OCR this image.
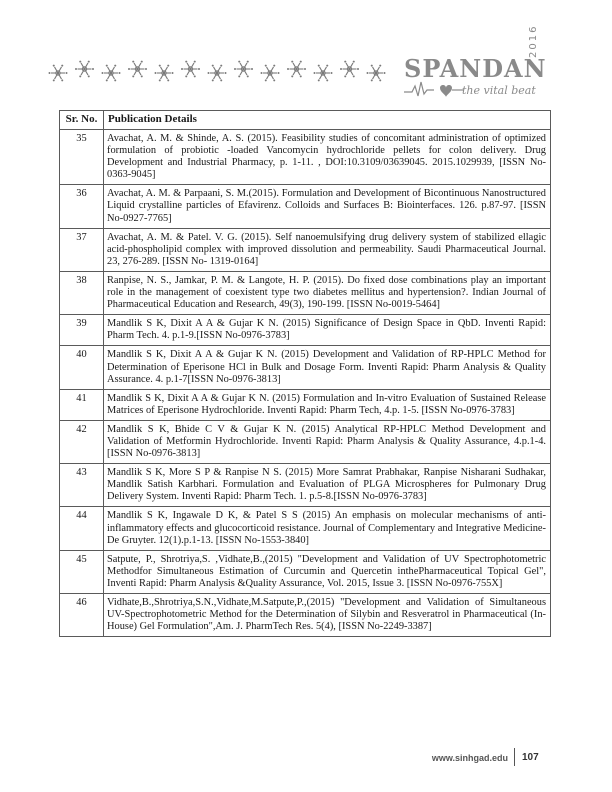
SPANDAN
2016
the vital beat
Sr. No.	Publication Details
35	Avachat, A. M. & Shinde, A. S. (2015). Feasibility studies of concomitant administration of optimized formulation of probiotic -loaded Vancomycin hydrochloride pellets for colon delivery. Drug Development and Industrial Pharmacy, p. 1-11. , DOI:10.3109/03639045. 2015.1029939, [ISSN No-0363-9045]
36	Avachat, A. M. & Parpaani, S. M.(2015). Formulation and Development of Bicontinuous Nanostructured Liquid crystalline particles of Efavirenz. Colloids and Surfaces B: Biointerfaces. 126. p.87-97. [ISSN No-0927-7765]
37	Avachat, A. M. & Patel. V. G. (2015). Self nanoemulsifying drug delivery system of stabilized ellagic acid-phospholipid complex with improved dissolution and permeability. Saudi Pharmaceutical Journal. 23, 276-289. [ISSN No- 1319-0164]
38	Ranpise, N. S., Jamkar, P. M. & Langote, H. P. (2015). Do fixed dose combinations play an important role in the management of coexistent type two diabetes mellitus and hypertension?. Indian Journal of Pharmaceutical Education and Research, 49(3), 190-199. [ISSN No-0019-5464]
39	Mandlik S K, Dixit A A & Gujar K N. (2015) Significance of Design Space in QbD. Inventi Rapid: Pharm Tech. 4. p.1-9.[ISSN No-0976-3783]
40	Mandlik S K, Dixit A A & Gujar K N. (2015) Development and Validation of RP-HPLC Method for Determination of Eperisone HCl in Bulk and Dosage Form. Inventi Rapid: Pharm Analysis & Quality Assurance. 4. p.1-7[ISSN No-0976-3813]
41	Mandlik S K, Dixit A A & Gujar K N. (2015) Formulation and In-vitro Evaluation of Sustained Release Matrices of Eperisone Hydrochloride. Inventi Rapid: Pharm Tech, 4.p. 1-5. [ISSN No-0976-3783]
42	Mandlik S K, Bhide C V & Gujar K N. (2015) Analytical RP-HPLC Method Development and Validation of Metformin Hydrochloride. Inventi Rapid: Pharm Analysis & Quality Assurance, 4.p.1-4. [ISSN No-0976-3813]
43	Mandlik S K, More S P & Ranpise N S. (2015) More Samrat Prabhakar, Ranpise Nisharani Sudhakar, Mandlik Satish Karbhari. Formulation and Evaluation of PLGA Microspheres for Pulmonary Drug Delivery System. Inventi Rapid: Pharm Tech. 1. p.5-8.[ISSN No-0976-3783]
44	Mandlik S K, Ingawale D K, & Patel S S (2015) An emphasis on molecular mechanisms of anti-inflammatory effects and glucocorticoid resistance. Journal of Complementary and Integrative Medicine- De Gruyter. 12(1).p.1-13. [ISSN No-1553-3840]
45	Satpute, P., Shrotriya,S. ,Vidhate,B.,(2015) "Development and Validation of UV Spectrophotometric Methodfor Simultaneous Estimation of Curcumin and Quercetin inthePharmaceutical Topical Gel", Inventi Rapid: Pharm Analysis &Quality Assurance, Vol. 2015, Issue 3. [ISSN No-0976-755X]
46	Vidhate,B.,Shrotriya,S.N.,Vidhate,M.Satpute,P.,(2015) "Development and Validation of Simultaneous UV-Spectrophotometric Method for the Determination of Silybin and Resveratrol in Pharmaceutical (In-House) Gel Formulation",Am. J. PharmTech Res. 5(4), [ISSN No-2249-3387]
www.sinhgad.edu 107
